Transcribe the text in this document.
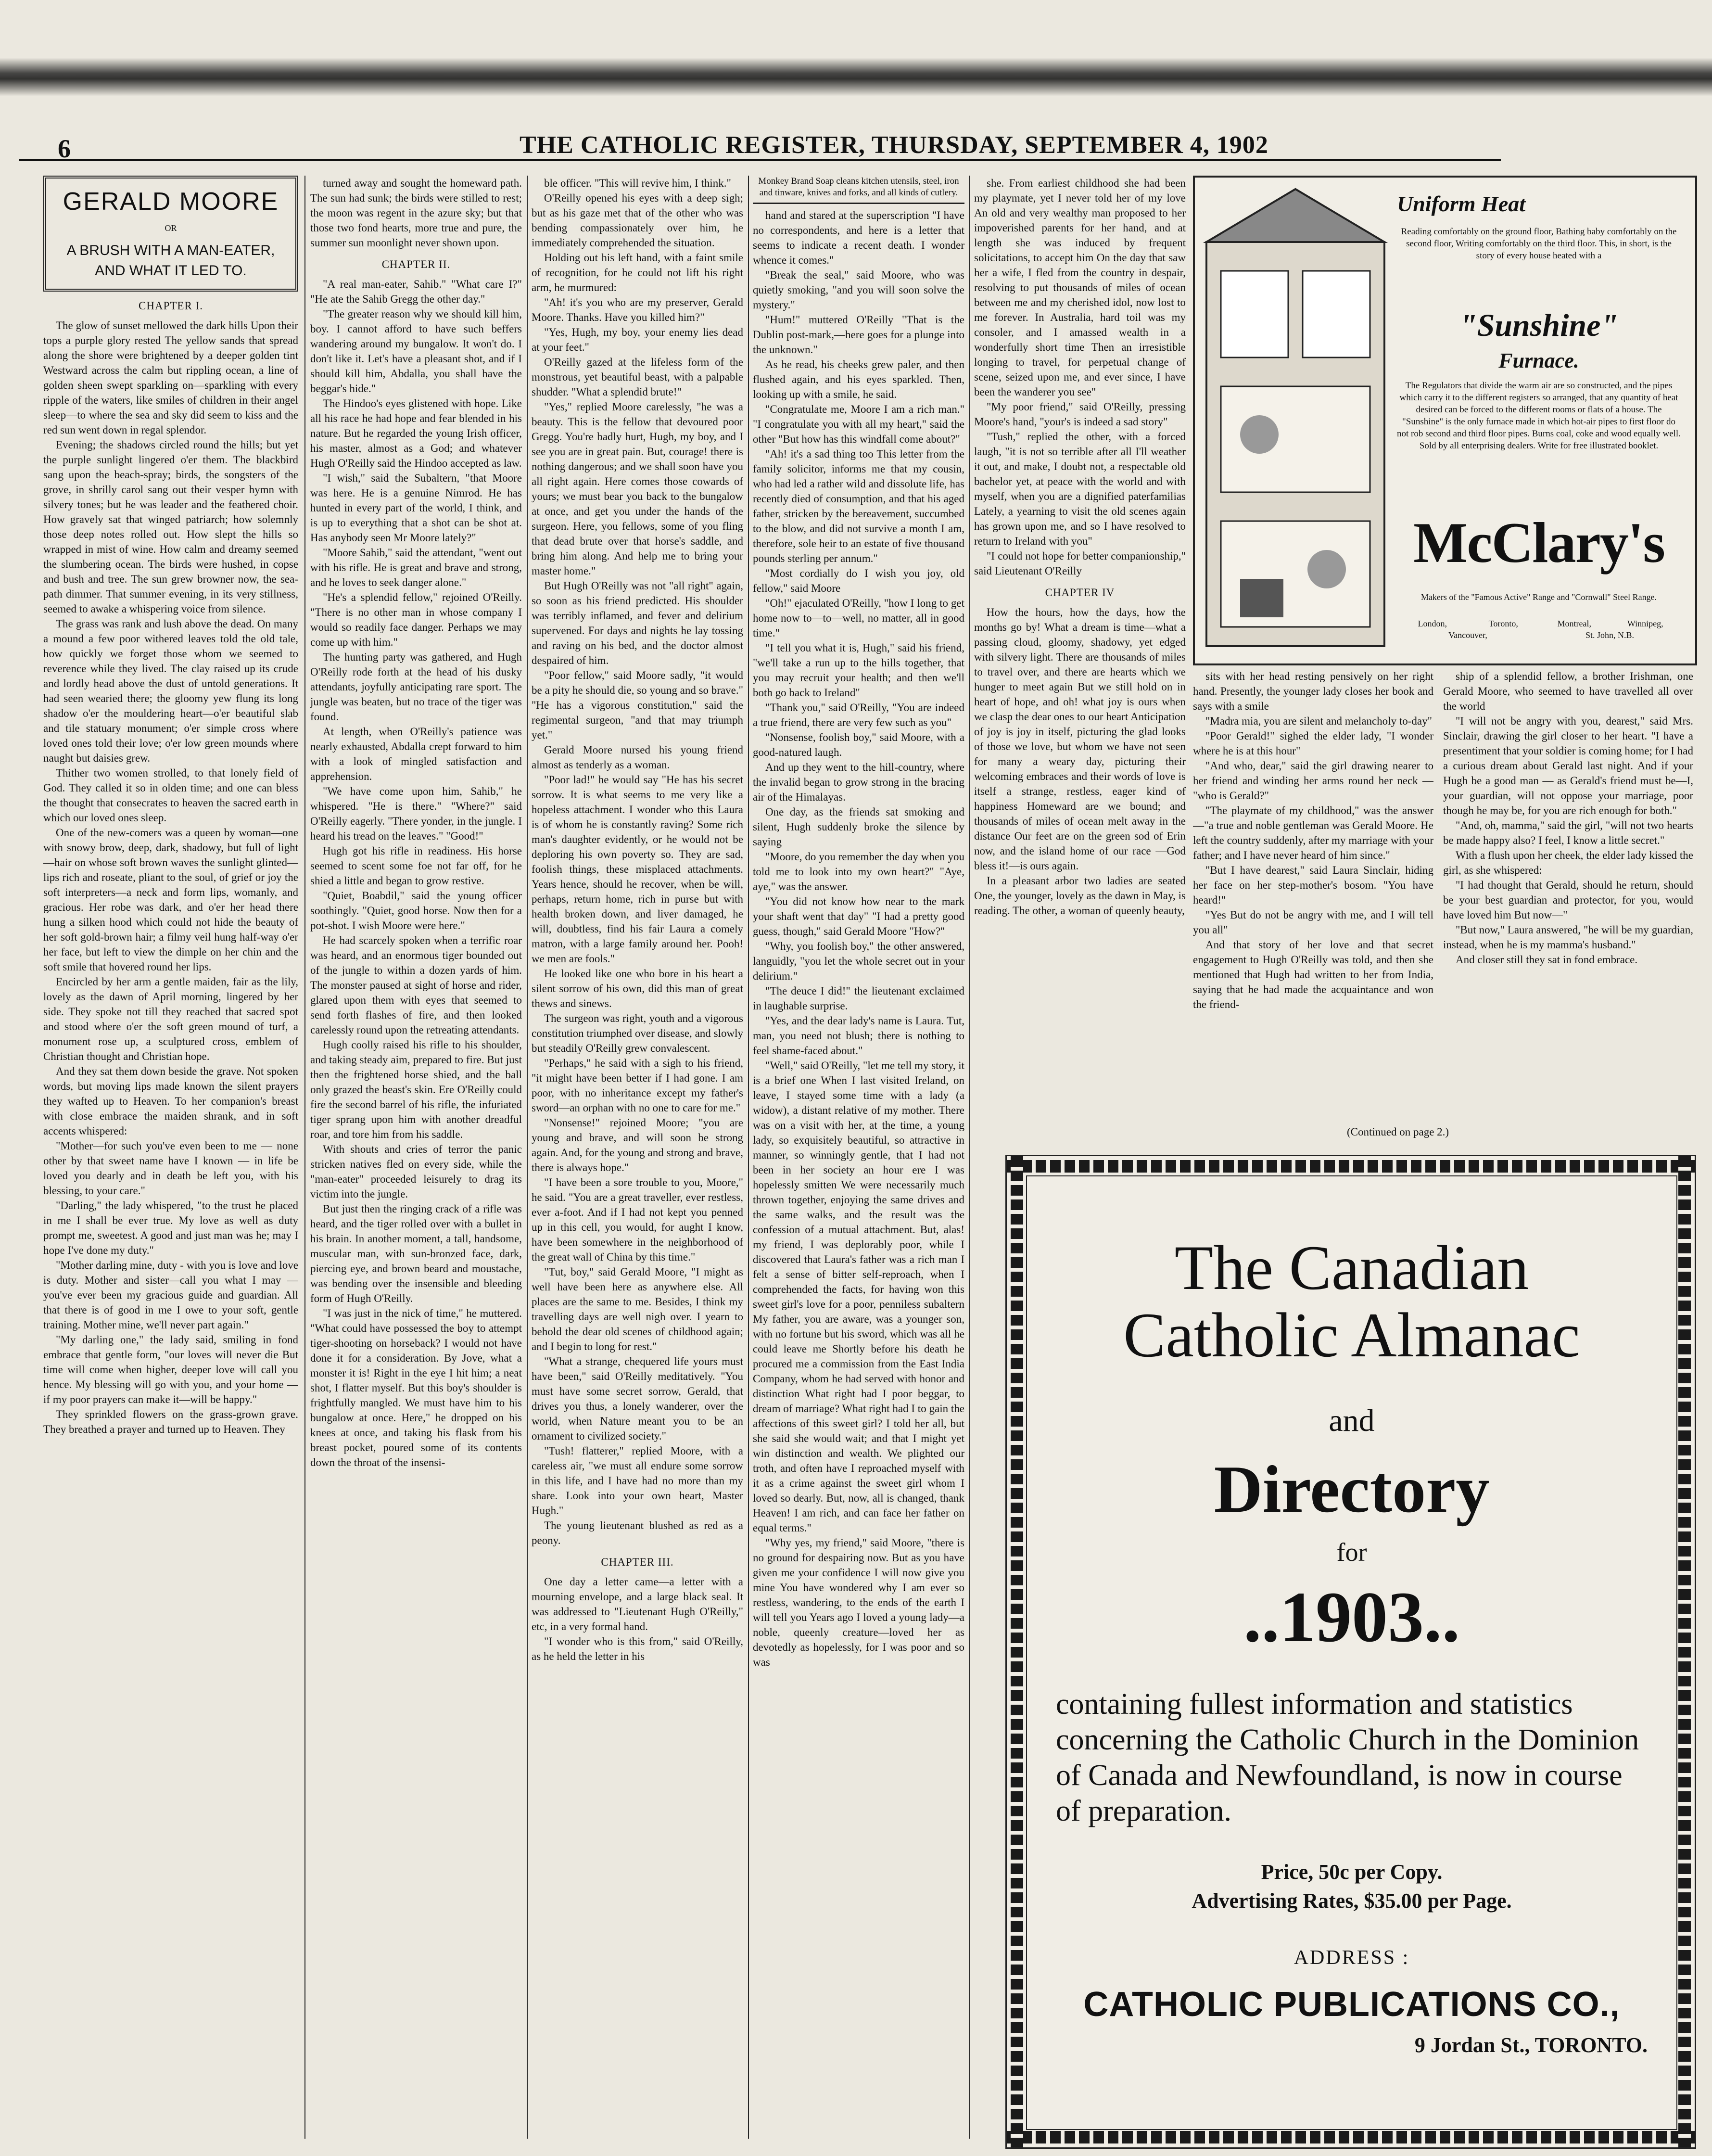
6	THE CATHOLIC REGISTER, THURSDAY, SEPTEMBER 4, 1902
GERALD MOORE
OR
A BRUSH WITH A MAN-EATER, AND WHAT IT LED TO.
CHAPTER I.

The glow of sunset mellowed the dark hills Upon their tops a purple glory rested The yellow sands that spread along the shore were brightened by a deeper golden tint Westward across the calm but rippling ocean, a line of golden sheen swept sparkling on—sparkling with every ripple of the waters, like smiles of children in their angel sleep—to where the sea and sky did seem to kiss and the red sun went down in regal splendor.

Evening; the shadows circled round the hills; but yet the purple sunlight lingered o'er them. The blackbird sang upon the beach-spray; birds, the songsters of the grove, in shrilly carol sang out their vesper hymn with silvery tones; but he was leader and the feathered choir. How gravely sat that winged patriarch; how solemnly those deep notes rolled out. How slept the hills so wrapped in mist of wine. How calm and dreamy seemed the slumbering ocean. The birds were hushed, in copse and bush and tree. The sun grew browner now, the sea-path dimmer. That summer evening, in its very stillness, seemed to awake a whispering voice from silence.

The grass was rank and lush above the dead. On many a mound a few poor withered leaves told the old tale, how quickly we forget those whom we seemed to reverence while they lived. The clay raised up its crude and lordly head above the dust of untold generations. It had seen wearied there; the gloomy yew flung its long shadow o'er the mouldering heart—o'er beautiful slab and tile statuary monument; o'er simple cross where loved ones told their love; o'er low green mounds where naught but daisies grew.

Thither two women strolled, to that lonely field of God. They called it so in olden time; and one can bless the thought that consecrates to heaven the sacred earth in which our loved ones sleep.

One of the new-comers was a queen by woman—one with snowy brow, deep, dark, shadowy, but full of light—hair on whose soft brown waves the sunlight glinted—lips rich and roseate, pliant to the soul, of grief or joy the soft interpreters—a neck and form lips, womanly, and gracious. Her robe was dark, and o'er her head there hung a silken hood which could not hide the beauty of her soft gold-brown hair; a filmy veil hung half-way o'er her face, but left to view the dimple on her chin and the soft smile that hovered round her lips.

Encircled by her arm a gentle maiden, fair as the lily, lovely as the dawn of April morning, lingered by her side. They spoke not till they reached that sacred spot and stood where o'er the soft green mound of turf, a monument rose up, a sculptured cross, emblem of Christian thought and Christian hope.

And they sat them down beside the grave. Not spoken words, but moving lips made known the silent prayers they wafted up to Heaven. To her companion's breast with close embrace the maiden shrank, and in soft accents whispered:

"Mother—for such you've even been to me — none other by that sweet name have I known — in life be loved you dearly and in death be left you, with his blessing, to your care."

"Darling," the lady whispered, "to the trust he placed in me I shall be ever true. My love as well as duty prompt me, sweetest. A good and just man was he; may I hope I've done my duty."

"Mother darling mine, duty - with you is love and love is duty. Mother and sister—call you what I may — you've ever been my gracious guide and guardian. All that there is of good in me I owe to your soft, gentle training. Mother mine, we'll never part again."

"My darling one," the lady said, smiling in fond embrace that gentle form, "our loves will never die But time will come when higher, deeper love will call you hence. My blessing will go with you, and your home — if my poor prayers can make it—will be happy."

They sprinkled flowers on the grass-grown grave. They breathed a prayer and turned up to Heaven. They

turned away and sought the homeward path. The sun had sunk; the birds were stilled to rest; the moon was regent in the azure sky; but that those two fond hearts, more true and pure, the summer sun moonlight never shown upon.

CHAPTER II.

"A real man-eater, Sahib." "What care I?" "He ate the Sahib Gregg the other day."

"The greater reason why we should kill him, boy. I cannot afford to have such beffers wandering around my bungalow. It won't do. I don't like it. Let's have a pleasant shot, and if I should kill him, Abdalla, you shall have the beggar's hide."

The Hindoo's eyes glistened with hope. Like all his race he had hope and fear blended in his nature. But he regarded the young Irish officer, his master, almost as a God; and whatever Hugh O'Reilly said the Hindoo accepted as law.

"I wish," said the Subaltern, "that Moore was here. He is a genuine Nimrod. He has hunted in every part of the world, I think, and is up to everything that a shot can be shot at. Has anybody seen Mr Moore lately?"

"Moore Sahib," said the attendant, "went out with his rifle. He is great and brave and strong, and he loves to seek danger alone."

"He's a splendid fellow," rejoined O'Reilly. "There is no other man in whose company I would so readily face danger. Perhaps we may come up with him."

The hunting party was gathered, and Hugh O'Reilly rode forth at the head of his dusky attendants, joyfully anticipating rare sport. The jungle was beaten, but no trace of the tiger was found.

At length, when O'Reilly's patience was nearly exhausted, Abdalla crept forward to him with a look of mingled satisfaction and apprehension.

"We have come upon him, Sahib," he whispered. "He is there." "Where?" said O'Reilly eagerly. "There yonder, in the jungle. I heard his tread on the leaves." "Good!"

Hugh got his rifle in readiness. His horse seemed to scent some foe not far off, for he shied a little and began to grow restive.

"Quiet, Boabdil," said the young officer soothingly. "Quiet, good horse. Now then for a pot-shot. I wish Moore were here."

He had scarcely spoken when a terrific roar was heard, and an enormous tiger bounded out of the jungle to within a dozen yards of him. The monster paused at sight of horse and rider, glared upon them with eyes that seemed to send forth flashes of fire, and then looked carelessly round upon the retreating attendants.

Hugh coolly raised his rifle to his shoulder, and taking steady aim, prepared to fire. But just then the frightened horse shied, and the ball only grazed the beast's skin. Ere O'Reilly could fire the second barrel of his rifle, the infuriated tiger sprang upon him with another dreadful roar, and tore him from his saddle.

With shouts and cries of terror the panic stricken natives fled on every side, while the "man-eater" proceeded leisurely to drag its victim into the jungle.

But just then the ringing crack of a rifle was heard, and the tiger rolled over with a bullet in his brain. In another moment, a tall, handsome, muscular man, with sun-bronzed face, dark, piercing eye, and brown beard and moustache, was bending over the insensible and bleeding form of Hugh O'Reilly.

"I was just in the nick of time," he muttered. "What could have possessed the boy to attempt tiger-shooting on horseback? I would not have done it for a consideration. By Jove, what a monster it is! Right in the eye I hit him; a neat shot, I flatter myself. But this boy's shoulder is frightfully mangled. We must have him to his bungalow at once. Here," he dropped on his knees at once, and taking his flask from his breast pocket, poured some of its contents down the throat of the insensi-

ble officer. "This will revive him, I think."

O'Reilly opened his eyes with a deep sigh; but as his gaze met that of the other who was bending compassionately over him, he immediately comprehended the situation.

Holding out his left hand, with a faint smile of recognition, for he could not lift his right arm, he murmured:

"Ah! it's you who are my preserver, Gerald Moore. Thanks. Have you killed him?"

"Yes, Hugh, my boy, your enemy lies dead at your feet."

O'Reilly gazed at the lifeless form of the monstrous, yet beautiful beast, with a palpable shudder. "What a splendid brute!"

"Yes," replied Moore carelessly, "he was a beauty. This is the fellow that devoured poor Gregg. You're badly hurt, Hugh, my boy, and I see you are in great pain. But, courage! there is nothing dangerous; and we shall soon have you all right again. Here comes those cowards of yours; we must bear you back to the bungalow at once, and get you under the hands of the surgeon. Here, you fellows, some of you fling that dead brute over that horse's saddle, and bring him along. And help me to bring your master home."

But Hugh O'Reilly was not "all right" again, so soon as his friend predicted. His shoulder was terribly inflamed, and fever and delirium supervened. For days and nights he lay tossing and raving on his bed, and the doctor almost despaired of him.

"Poor fellow," said Moore sadly, "it would be a pity he should die, so young and so brave." "He has a vigorous constitution," said the regimental surgeon, "and that may triumph yet."

Gerald Moore nursed his young friend almost as tenderly as a woman.

"Poor lad!" he would say "He has his secret sorrow. It is what seems to me very like a hopeless attachment. I wonder who this Laura is of whom he is constantly raving? Some rich man's daughter evidently, or he would not be deploring his own poverty so. They are sad, foolish things, these misplaced attachments. Years hence, should he recover, when be will, perhaps, return home, rich in purse but with health broken down, and liver damaged, he will, doubtless, find his fair Laura a comely matron, with a large family around her. Pooh! we men are fools."

He looked like one who bore in his heart a silent sorrow of his own, did this man of great thews and sinews.

The surgeon was right, youth and a vigorous constitution triumphed over disease, and slowly but steadily O'Reilly grew convalescent.

"Perhaps," he said with a sigh to his friend, "it might have been better if I had gone. I am poor, with no inheritance except my father's sword—an orphan with no one to care for me."

"Nonsense!" rejoined Moore; "you are young and brave, and will soon be strong again. And, for the young and strong and brave, there is always hope."

"I have been a sore trouble to you, Moore," he said. "You are a great traveller, ever restless, ever a-foot. And if I had not kept you penned up in this cell, you would, for aught I know, have been somewhere in the neighborhood of the great wall of China by this time."

"Tut, boy," said Gerald Moore, "I might as well have been here as anywhere else. All places are the same to me. Besides, I think my travelling days are well nigh over. I yearn to behold the dear old scenes of childhood again; and I begin to long for rest."

"What a strange, chequered life yours must have been," said O'Reilly meditatively. "You must have some secret sorrow, Gerald, that drives you thus, a lonely wanderer, over the world, when Nature meant you to be an ornament to civilized society."

"Tush! flatterer," replied Moore, with a careless air, "we must all endure some sorrow in this life, and I have had no more than my share. Look into your own heart, Master Hugh."

The young lieutenant blushed as red as a peony.

CHAPTER III.

One day a letter came—a letter with a mourning envelope, and a large black seal. It was addressed to "Lieutenant Hugh O'Reilly," etc, in a very formal hand.

"I wonder who is this from," said O'Reilly, as he held the letter in his

Monkey Brand Soap cleans kitchen utensils, steel, iron and tinware, knives and forks, and all kinds of cutlery.

hand and stared at the superscription "I have no correspondents, and here is a letter that seems to indicate a recent death. I wonder whence it comes."

"Break the seal," said Moore, who was quietly smoking, "and you will soon solve the mystery."

"Hum!" muttered O'Reilly "That is the Dublin post-mark,—here goes for a plunge into the unknown."

As he read, his cheeks grew paler, and then flushed again, and his eyes sparkled. Then, looking up with a smile, he said.

"Congratulate me, Moore I am a rich man." "I congratulate you with all my heart," said the other "But how has this windfall come about?"

"Ah! it's a sad thing too This letter from the family solicitor, informs me that my cousin, who had led a rather wild and dissolute life, has recently died of consumption, and that his aged father, stricken by the bereavement, succumbed to the blow, and did not survive a month I am, therefore, sole heir to an estate of five thousand pounds sterling per annum."

"Most cordially do I wish you joy, old fellow," said Moore

"Oh!" ejaculated O'Reilly, "how I long to get home now to—to—well, no matter, all in good time."

"I tell you what it is, Hugh," said his friend, "we'll take a run up to the hills together, that you may recruit your health; and then we'll both go back to Ireland"

"Thank you," said O'Reilly, "You are indeed a true friend, there are very few such as you"

"Nonsense, foolish boy," said Moore, with a good-natured laugh.

And up they went to the hill-country, where the invalid began to grow strong in the bracing air of the Himalayas.

One day, as the friends sat smoking and silent, Hugh suddenly broke the silence by saying

"Moore, do you remember the day when you told me to look into my own heart?" "Aye, aye," was the answer.

"You did not know how near to the mark your shaft went that day" "I had a pretty good guess, though," said Gerald Moore "How?"

"Why, you foolish boy," the other answered, languidly, "you let the whole secret out in your delirium."

"The deuce I did!" the lieutenant exclaimed in laughable surprise.

"Yes, and the dear lady's name is Laura. Tut, man, you need not blush; there is nothing to feel shame-faced about."

"Well," said O'Reilly, "let me tell my story, it is a brief one When I last visited Ireland, on leave, I stayed some time with a lady (a widow), a distant relative of my mother. There was on a visit with her, at the time, a young lady, so exquisitely beautiful, so attractive in manner, so winningly gentle, that I had not been in her society an hour ere I was hopelessly smitten We were necessarily much thrown together, enjoying the same drives and the same walks, and the result was the confession of a mutual attachment. But, alas! my friend, I was deplorably poor, while I discovered that Laura's father was a rich man I felt a sense of bitter self-reproach, when I comprehended the facts, for having won this sweet girl's love for a poor, penniless subaltern My father, you are aware, was a younger son, with no fortune but his sword, which was all he could leave me Shortly before his death he procured me a commission from the East India Company, whom he had served with honor and distinction What right had I poor beggar, to dream of marriage? What right had I to gain the affections of this sweet girl? I told her all, but she said she would wait; and that I might yet win distinction and wealth. We plighted our troth, and often have I reproached myself with it as a crime against the sweet girl whom I loved so dearly. But, now, all is changed, thank Heaven! I am rich, and can face her father on equal terms."

"Why yes, my friend," said Moore, "there is no ground for despairing now. But as you have given me your confidence I will now give you mine You have wondered why I am ever so restless, wandering, to the ends of the earth I will tell you Years ago I loved a young lady—a noble, queenly creature—loved her as devotedly as hopelessly, for I was poor and so was

she. From earliest childhood she had been my playmate, yet I never told her of my love An old and very wealthy man proposed to her impoverished parents for her hand, and at length she was induced by frequent solicitations, to accept him On the day that saw her a wife, I fled from the country in despair, resolving to put thousands of miles of ocean between me and my cherished idol, now lost to me forever. In Australia, hard toil was my consoler, and I amassed wealth in a wonderfully short time Then an irresistible longing to travel, for perpetual change of scene, seized upon me, and ever since, I have been the wanderer you see"

"My poor friend," said O'Reilly, pressing Moore's hand, "your's is indeed a sad story"

"Tush," replied the other, with a forced laugh, "it is not so terrible after all I'll weather it out, and make, I doubt not, a respectable old bachelor yet, at peace with the world and with myself, when you are a dignified paterfamilias Lately, a yearning to visit the old scenes again has grown upon me, and so I have resolved to return to Ireland with you"

"I could not hope for better companionship," said Lieutenant O'Reilly

CHAPTER IV

How the hours, how the days, how the months go by! What a dream is time—what a passing cloud, gloomy, shadowy, yet edged with silvery light. There are thousands of miles to travel over, and there are hearts which we hunger to meet again But we still hold on in heart of hope, and oh! what joy is ours when we clasp the dear ones to our heart Anticipation of joy is joy in itself, picturing the glad looks of those we love, but whom we have not seen for many a weary day, picturing their welcoming embraces and their words of love is itself a strange, restless, eager kind of happiness Homeward are we bound; and thousands of miles of ocean melt away in the distance Our feet are on the green sod of Erin now, and the island home of our race —God bless it!—is ours again.

In a pleasant arbor two ladies are seated One, the younger, lovely as the dawn in May, is reading. The other, a woman of queenly beauty,

sits with her head resting pensively on her right hand. Presently, the younger lady closes her book and says with a smile

"Madra mia, you are silent and melancholy to-day"

"Poor Gerald!" sighed the elder lady, "I wonder where he is at this hour"

"And who, dear," said the girl drawing nearer to her friend and winding her arms round her neck — "who is Gerald?"

"The playmate of my childhood," was the answer—"a true and noble gentleman was Gerald Moore. He left the country suddenly, after my marriage with your father; and I have never heard of him since."

"But I have dearest," said Laura Sinclair, hiding her face on her step-mother's bosom. "You have heard!"

"Yes But do not be angry with me, and I will tell you all"

And that story of her love and that secret engagement to Hugh O'Reilly was told, and then she mentioned that Hugh had written to her from India, saying that he had made the acquaintance and won the friend-

ship of a splendid fellow, a brother Irishman, one Gerald Moore, who seemed to have travelled all over the world

"I will not be angry with you, dearest," said Mrs. Sinclair, drawing the girl closer to her heart. "I have a presentiment that your soldier is coming home; for I had a curious dream about Gerald last night. And if your Hugh be a good man — as Gerald's friend must be—I, your guardian, will not oppose your marriage, poor though he may be, for you are rich enough for both."

"And, oh, mamma," said the girl, "will not two hearts be made happy also? I feel, I know a little secret."

With a flush upon her cheek, the elder lady kissed the girl, as she whispered:

"I had thought that Gerald, should he return, should be your best guardian and protector, for you, would have loved him But now—"

"But now," Laura answered, "he will be my guardian, instead, when he is my mamma's husband."

And closer still they sat in fond embrace.

(Continued on page 2.)
Uniform Heat
Reading comfortably on the ground floor, Bathing baby comfortably on the second floor, Writing comfortably on the third floor. This, in short, is the story of every house heated with a
"Sunshine"
Furnace.
The Regulators that divide the warm air are so constructed, and the pipes which carry it to the different registers so arranged, that any quantity of heat desired can be forced to the different rooms or flats of a house. The "Sunshine" is the only furnace made in which hot-air pipes to first floor do not rob second and third floor pipes. Burns coal, coke and wood equally well. Sold by all enterprising dealers. Write for free illustrated booklet.
McClary's
Makers of the "Famous Active" Range and "Cornwall" Steel Range.
London,	Toronto,	Montreal,	Winnipeg,
Vancouver,	St. John, N.B.
The Canadian
Catholic Almanac
and
Directory
for
..1903..
containing fullest information and statistics concerning the Catholic Church in the Dominion of Canada and Newfoundland, is now in course of preparation.
Price, 50c per Copy.
Advertising Rates, $35.00 per Page.
ADDRESS :
CATHOLIC PUBLICATIONS CO.,
9 Jordan St., TORONTO.
